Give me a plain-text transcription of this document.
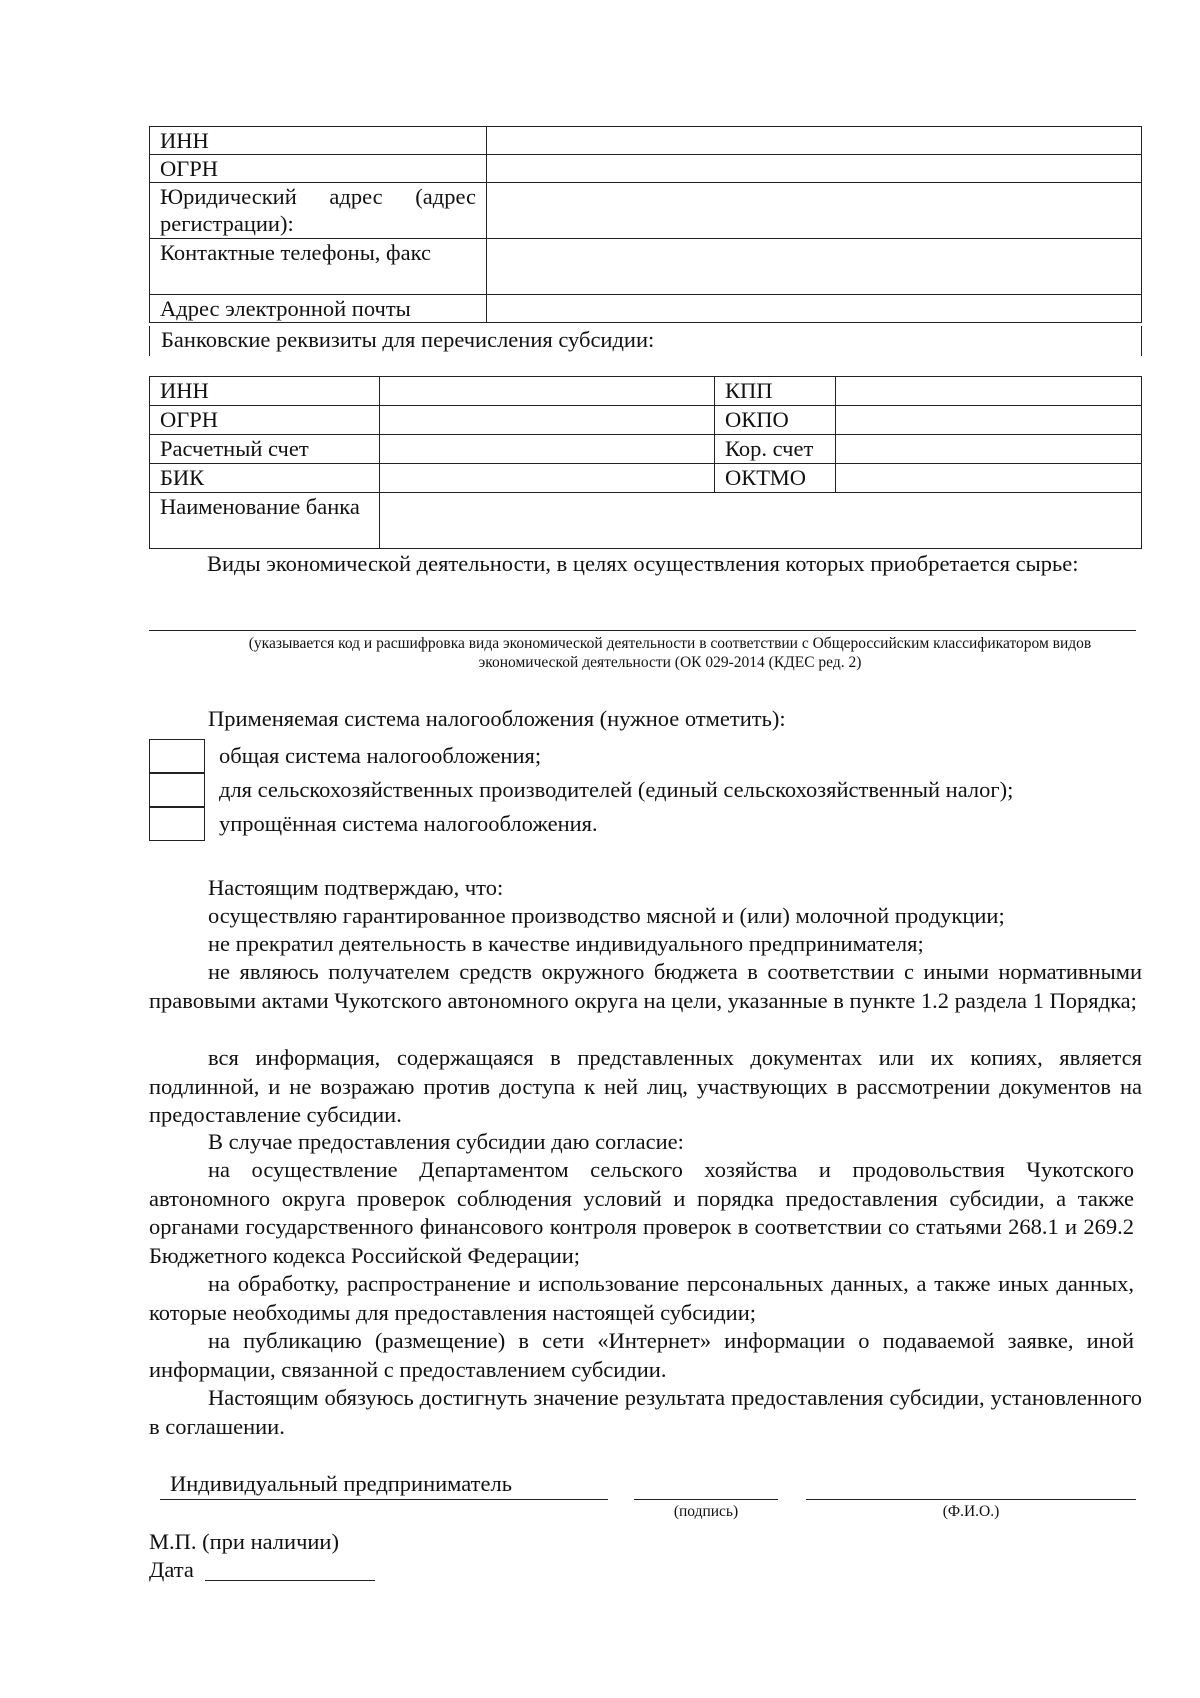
ИНН	
ОГРН	
Юридический адрес (адрес регистрации):	
Контактные телефоны, факс	
Адрес электронной почты	
Банковские реквизиты для перечисления субсидии:
ИНН		КПП	
ОГРН		ОКПО	
Расчетный счет		Кор. счет	
БИК		ОКТМО	
Наименование банка			
Виды экономической деятельности, в целях осуществления которых приобретается сырье:
(указывается код и расшифровка вида экономической деятельности в соответствии с Общероссийским классификатором видов экономической деятельности (ОК 029-2014 (КДЕС ред. 2)
Применяемая система налогообложения (нужное отметить):
общая система налогообложения;
для сельскохозяйственных производителей (единый сельскохозяйственный налог);
упрощённая система налогообложения.
Настоящим подтверждаю, что:
осуществляю гарантированное производство мясной и (или) молочной продукции;
не прекратил деятельность в качестве индивидуального предпринимателя;
не являюсь получателем средств окружного бюджета в соответствии с иными нормативными правовыми актами Чукотского автономного округа на цели, указанные в пункте 1.2 раздела 1 Порядка;
вся информация, содержащаяся в представленных документах или их копиях, является подлинной, и не возражаю против доступа к ней лиц, участвующих в рассмотрении документов на предоставление субсидии.
В случае предоставления субсидии даю согласие:
на осуществление Департаментом сельского хозяйства и продовольствия Чукотского автономного округа проверок соблюдения условий и порядка предоставления субсидии, а также органами государственного финансового контроля проверок в соответствии со статьями 268.1 и 269.2 Бюджетного кодекса Российской Федерации;
на обработку, распространение и использование персональных данных, а также иных данных, которые необходимы для предоставления настоящей субсидии;
на публикацию (размещение) в сети «Интернет» информации о подаваемой заявке, иной информации, связанной с предоставлением субсидии.
Настоящим обязуюсь достигнуть значение результата предоставления субсидии, установленного в соглашении.
Индивидуальный предприниматель
(подпись)	(Ф.И.О.)
М.П. (при наличии)
Дата
